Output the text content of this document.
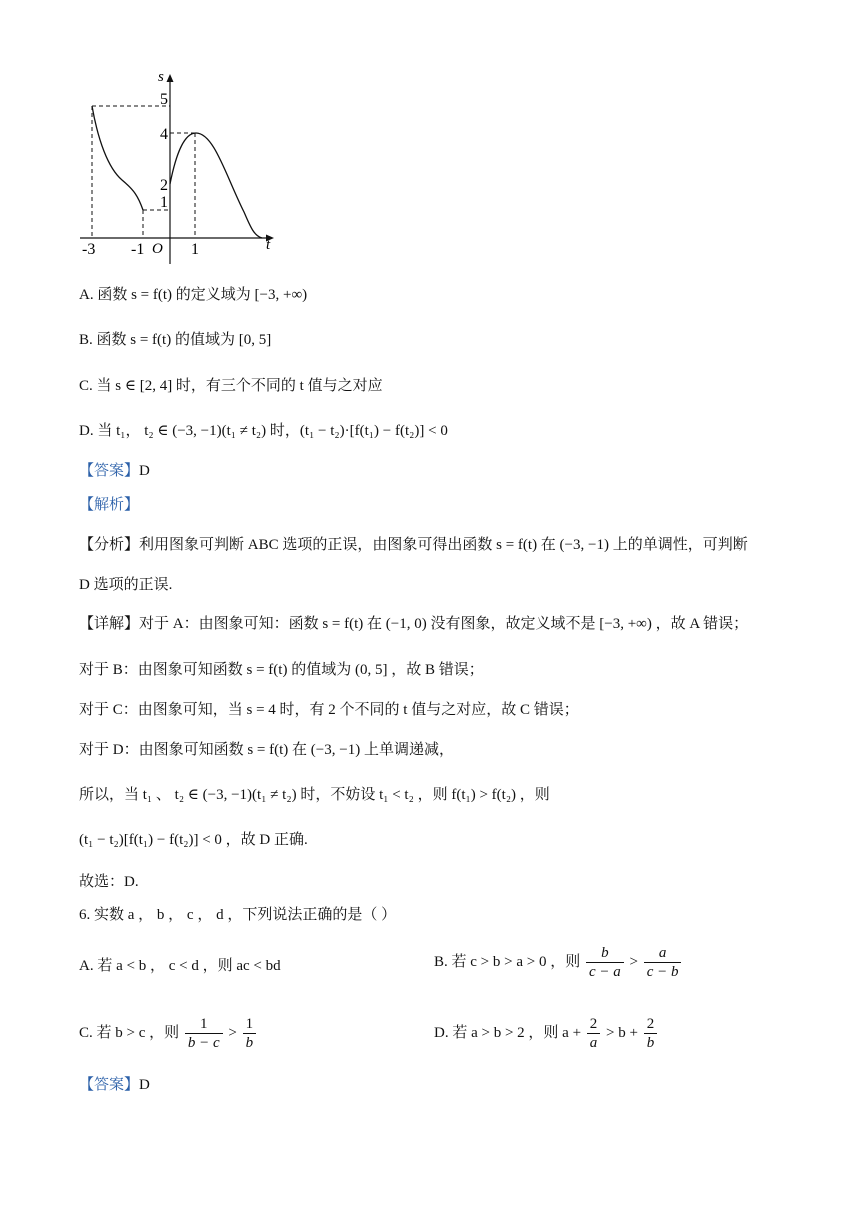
s
t
O
5
4
2
1
-3 -1	1
A. 函数 s = f(t) 的定义域为 [−3, +∞)
B. 函数 s = f(t) 的值域为 [0, 5]
C. 当 s ∈ [2, 4] 时，有三个不同的 t 值与之对应
D. 当 t₁， t₂ ∈ (−3, −1)(t₁ ≠ t₂) 时，(t₁ − t₂)·[f(t₁) − f(t₂)] < 0
【答案】D
【解析】
【分析】利用图象可判断 ABC 选项的正误，由图象可得出函数 s = f(t) 在 (−3, −1) 上的单调性，可判断
D 选项的正误.
【详解】对于 A：由图象可知：函数 s = f(t) 在 (−1, 0) 没有图象，故定义域不是 [−3, +∞) ，故 A 错误；
对于 B：由图象可知函数 s = f(t) 的值域为 (0, 5] ，故 B 错误；
对于 C：由图象可知，当 s = 4 时，有 2 个不同的 t 值与之对应，故 C 错误；
对于 D：由图象可知函数 s = f(t) 在 (−3, −1) 上单调递减，
所以，当 t₁ 、 t₂ ∈ (−3, −1)(t₁ ≠ t₂) 时，不妨设 t₁ < t₂ ，则 f(t₁) > f(t₂) ，则
(t₁ − t₂)[f(t₁) − f(t₂)] < 0 ，故 D 正确.
故选：D.
6. 实数 a ， b ， c ， d ，下列说法正确的是（ ）
A. 若 a < b ， c < d ，则 ac < bd	B. 若 c > b > a > 0 ，则 $\frac{b}{c - a} > \frac{a}{c - b}$
C. 若 b > c ，则 $\frac{1}{b - c} > \frac{1}{b}$	D. 若 a > b > 2 ，则 $a + \frac{2}{a} > b + \frac{2}{b}$
【答案】D
